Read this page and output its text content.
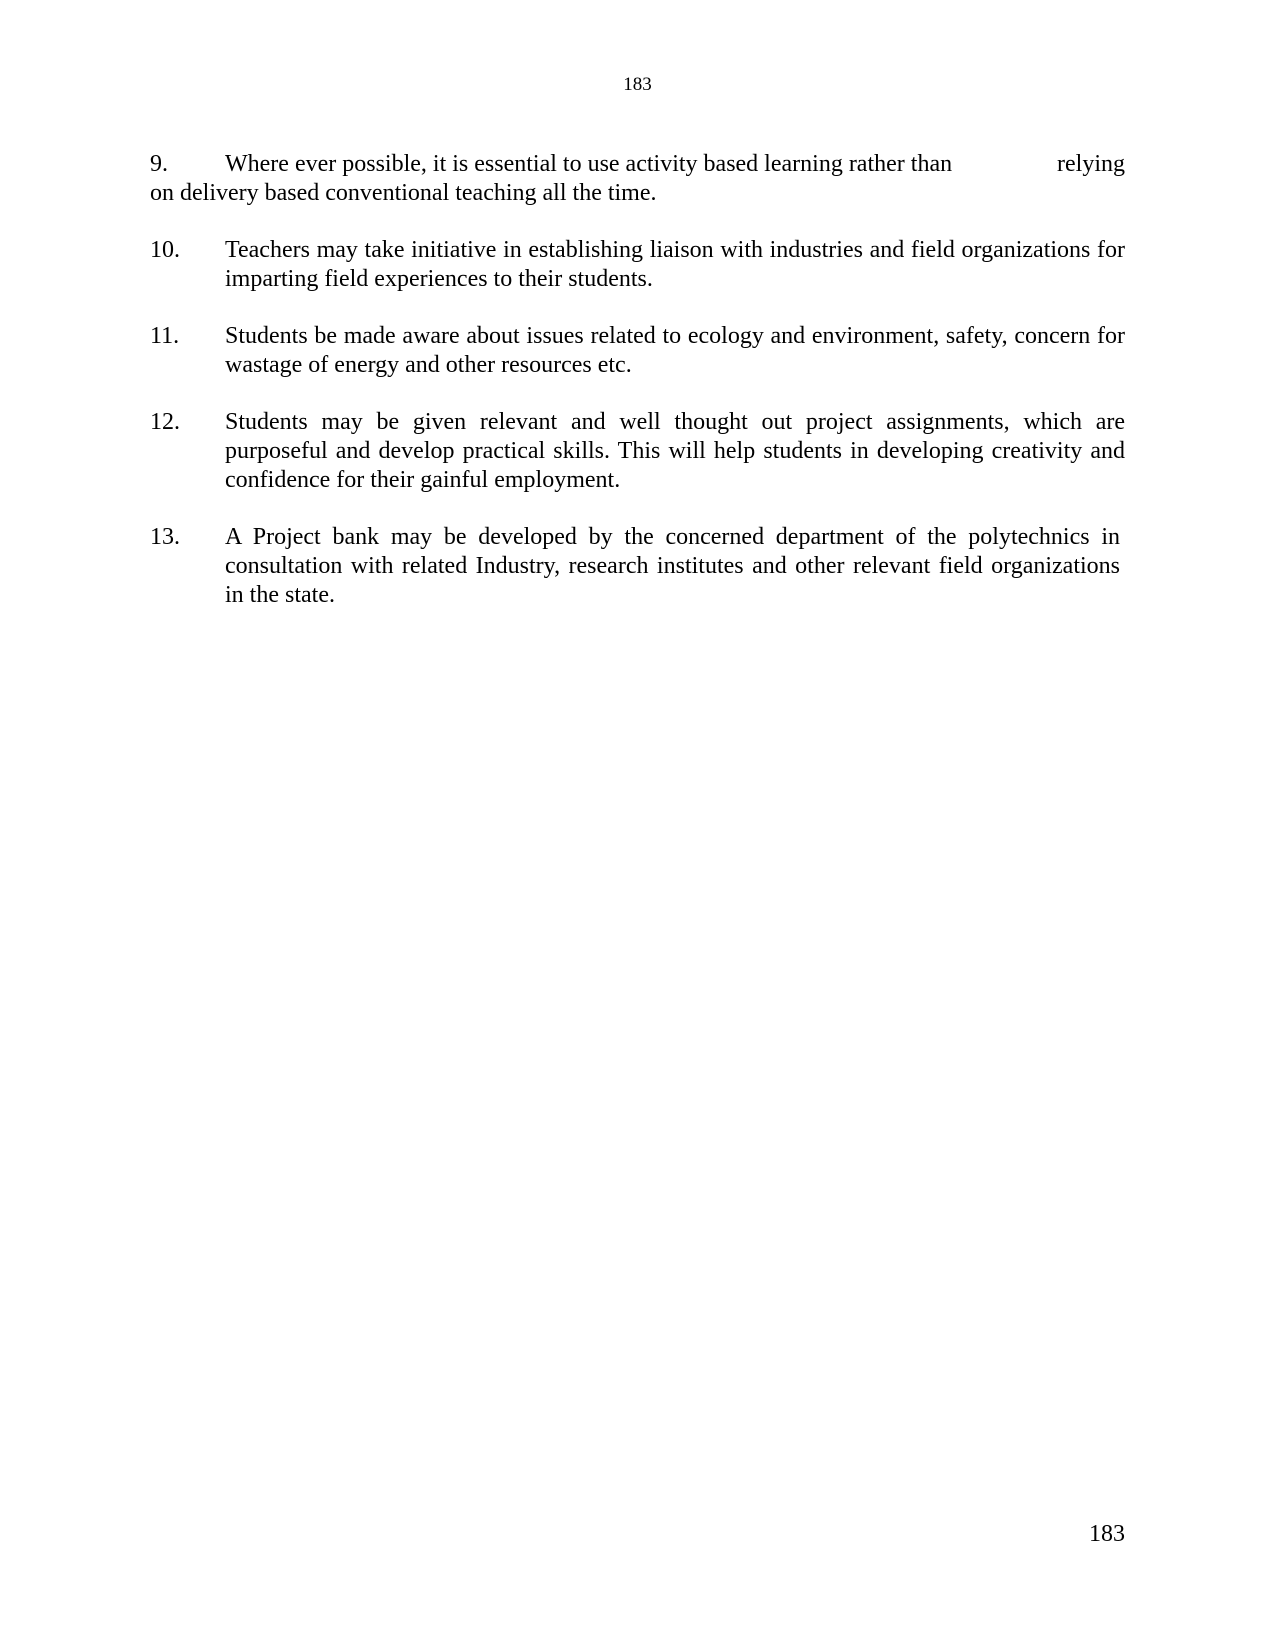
183
9. Where ever possible, it is essential to use activity based learning rather than	relying
on delivery based conventional teaching all the time.
10. Teachers may take initiative in establishing liaison with industries and field organizations for imparting field experiences to their students.
11. Students be made aware about issues related to ecology and environment, safety, concern for wastage of energy and other resources etc.
12. Students may be given relevant and well thought out project assignments, which are purposeful and develop practical skills. This will help students in developing creativity and confidence for their gainful employment.
13. A Project bank may be developed by the concerned department of the polytechnics in consultation with related Industry, research institutes and other relevant field organizations in the state.
183
